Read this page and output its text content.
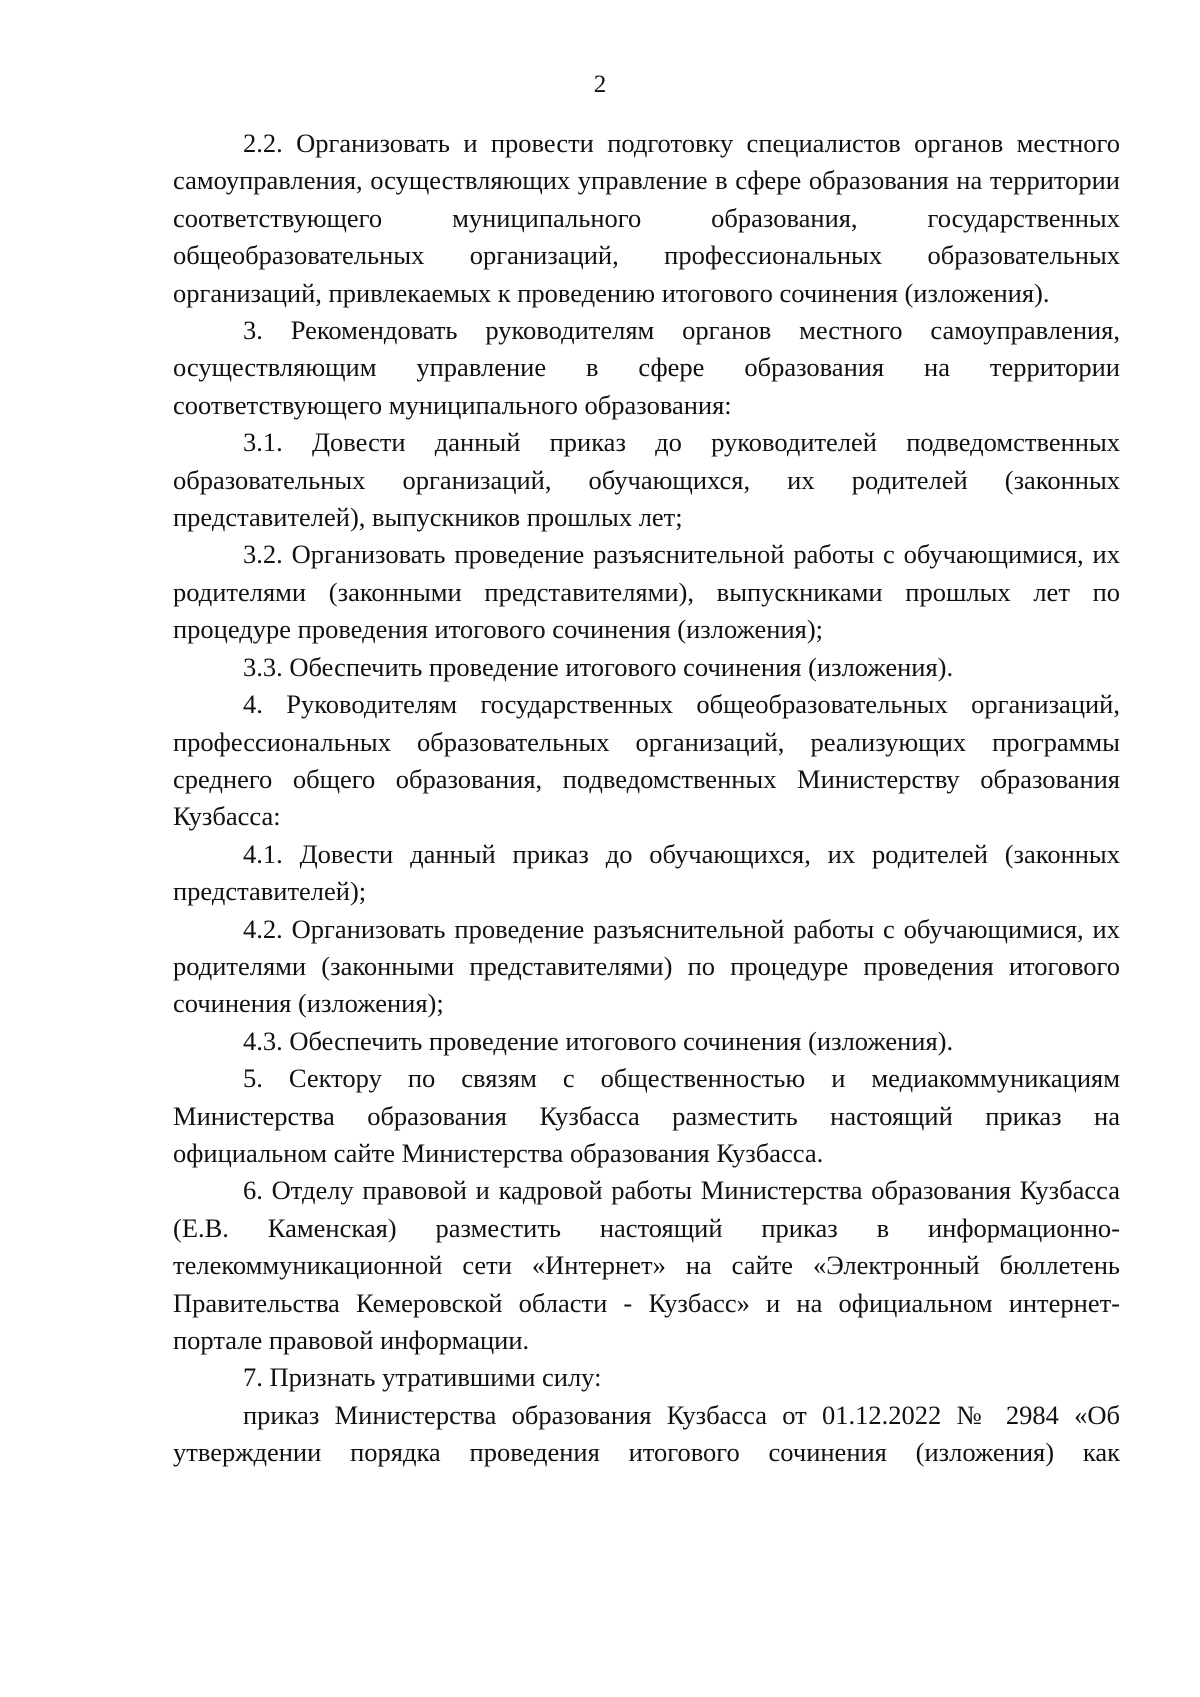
2

2.2. Организовать и провести подготовку специалистов органов местного самоуправления, осуществляющих управление в сфере образования на территории соответствующего муниципального образования, государственных общеобразовательных организаций, профессиональных образовательных организаций, привлекаемых к проведению итогового сочинения (изложения).

3. Рекомендовать руководителям органов местного самоуправления, осуществляющим управление в сфере образования на территории соответствующего муниципального образования:

3.1. Довести данный приказ до руководителей подведомственных образовательных организаций, обучающихся, их родителей (законных представителей), выпускников прошлых лет;

3.2. Организовать проведение разъяснительной работы с обучающимися, их родителями (законными представителями), выпускниками прошлых лет по процедуре проведения итогового сочинения (изложения);

3.3. Обеспечить проведение итогового сочинения (изложения).

4. Руководителям государственных общеобразовательных организаций, профессиональных образовательных организаций, реализующих программы среднего общего образования, подведомственных Министерству образования Кузбасса:

4.1. Довести данный приказ до обучающихся, их родителей (законных представителей);

4.2. Организовать проведение разъяснительной работы с обучающимися, их родителями (законными представителями) по процедуре проведения итогового сочинения (изложения);

4.3. Обеспечить проведение итогового сочинения (изложения).

5. Сектору по связям с общественностью и медиакоммуникациям Министерства образования Кузбасса разместить настоящий приказ на официальном сайте Министерства образования Кузбасса.

6. Отделу правовой и кадровой работы Министерства образования Кузбасса (Е.В. Каменская) разместить настоящий приказ в информационно-телекоммуникационной сети «Интернет» на сайте «Электронный бюллетень Правительства Кемеровской области - Кузбасс» и на официальном интернет-портале правовой информации.

7. Признать утратившими силу:

приказ Министерства образования Кузбасса от 01.12.2022 № 2984 «Об утверждении порядка проведения итогового сочинения (изложения) как
